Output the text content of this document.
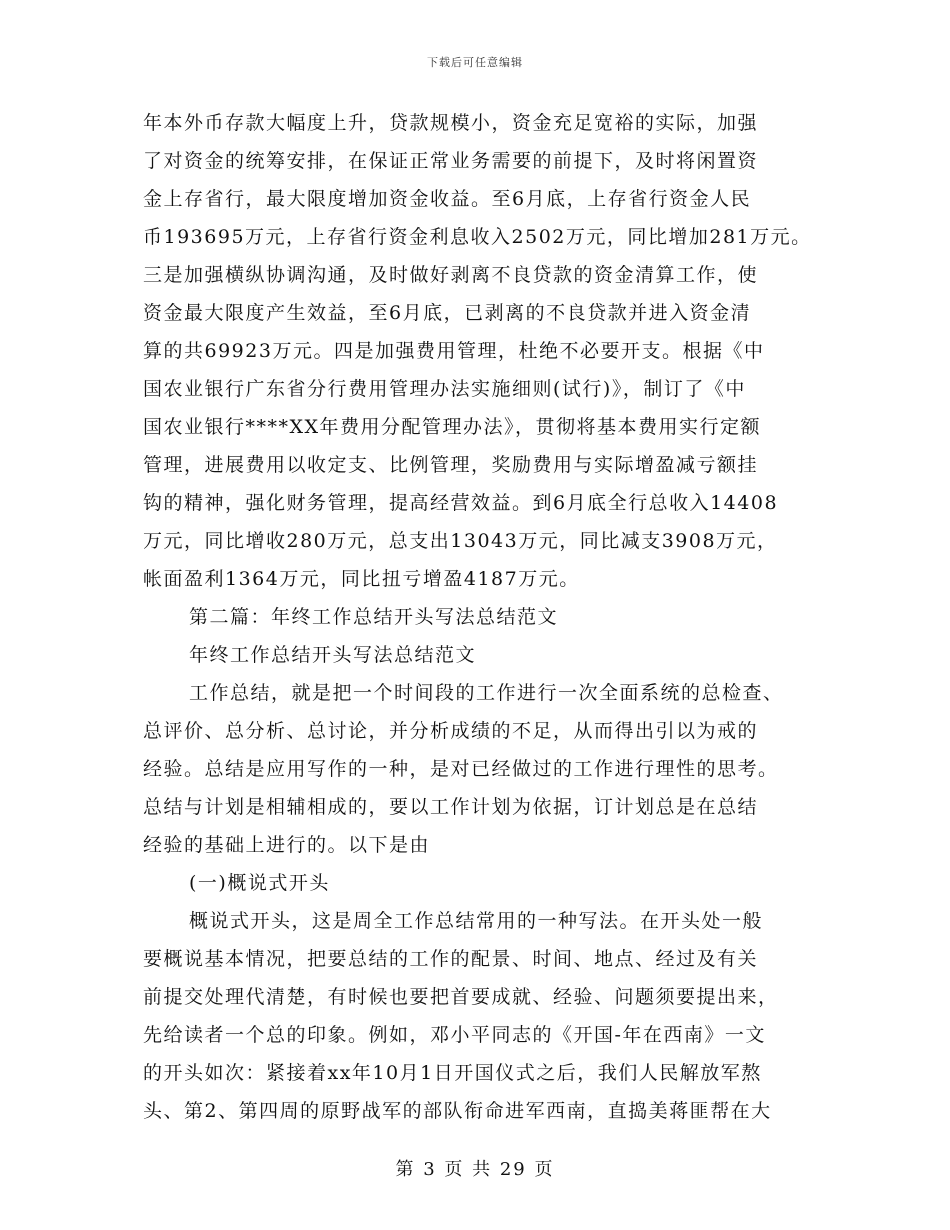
下载后可任意编辑
年本外币存款大幅度上升，贷款规模小，资金充足宽裕的实际，加强
了对资金的统筹安排，在保证正常业务需要的前提下，及时将闲置资
金上存省行，最大限度增加资金收益。至6月底，上存省行资金人民
币193695万元，上存省行资金利息收入2502万元，同比增加281万元。
三是加强横纵协调沟通，及时做好剥离不良贷款的资金清算工作，使
资金最大限度产生效益，至6月底，已剥离的不良贷款并进入资金清
算的共69923万元。四是加强费用管理，杜绝不必要开支。根据《中
国农业银行广东省分行费用管理办法实施细则(试行)》，制订了《中
国农业银行****XX年费用分配管理办法》，贯彻将基本费用实行定额
管理，进展费用以收定支、比例管理，奖励费用与实际增盈减亏额挂
钩的精神，强化财务管理，提高经营效益。到6月底全行总收入14408
万元，同比增收280万元，总支出13043万元，同比减支3908万元，
帐面盈利1364万元，同比扭亏增盈4187万元。
第二篇：年终工作总结开头写法总结范文
年终工作总结开头写法总结范文
工作总结，就是把一个时间段的工作进行一次全面系统的总检查、
总评价、总分析、总讨论，并分析成绩的不足，从而得出引以为戒的
经验。总结是应用写作的一种，是对已经做过的工作进行理性的思考。
总结与计划是相辅相成的，要以工作计划为依据，订计划总是在总结
经验的基础上进行的。以下是由
(一)概说式开头
概说式开头，这是周全工作总结常用的一种写法。在开头处一般
要概说基本情况，把要总结的工作的配景、时间、地点、经过及有关
前提交处理代清楚，有时候也要把首要成就、经验、问题须要提出来，
先给读者一个总的印象。例如，邓小平同志的《开国-年在西南》一文
的开头如次：紧接着xx年10月1日开国仪式之后，我们人民解放军熬
头、第2、第四周的原野战军的部队衔命进军西南，直捣美蒋匪帮在大
第 3 页 共 29 页
